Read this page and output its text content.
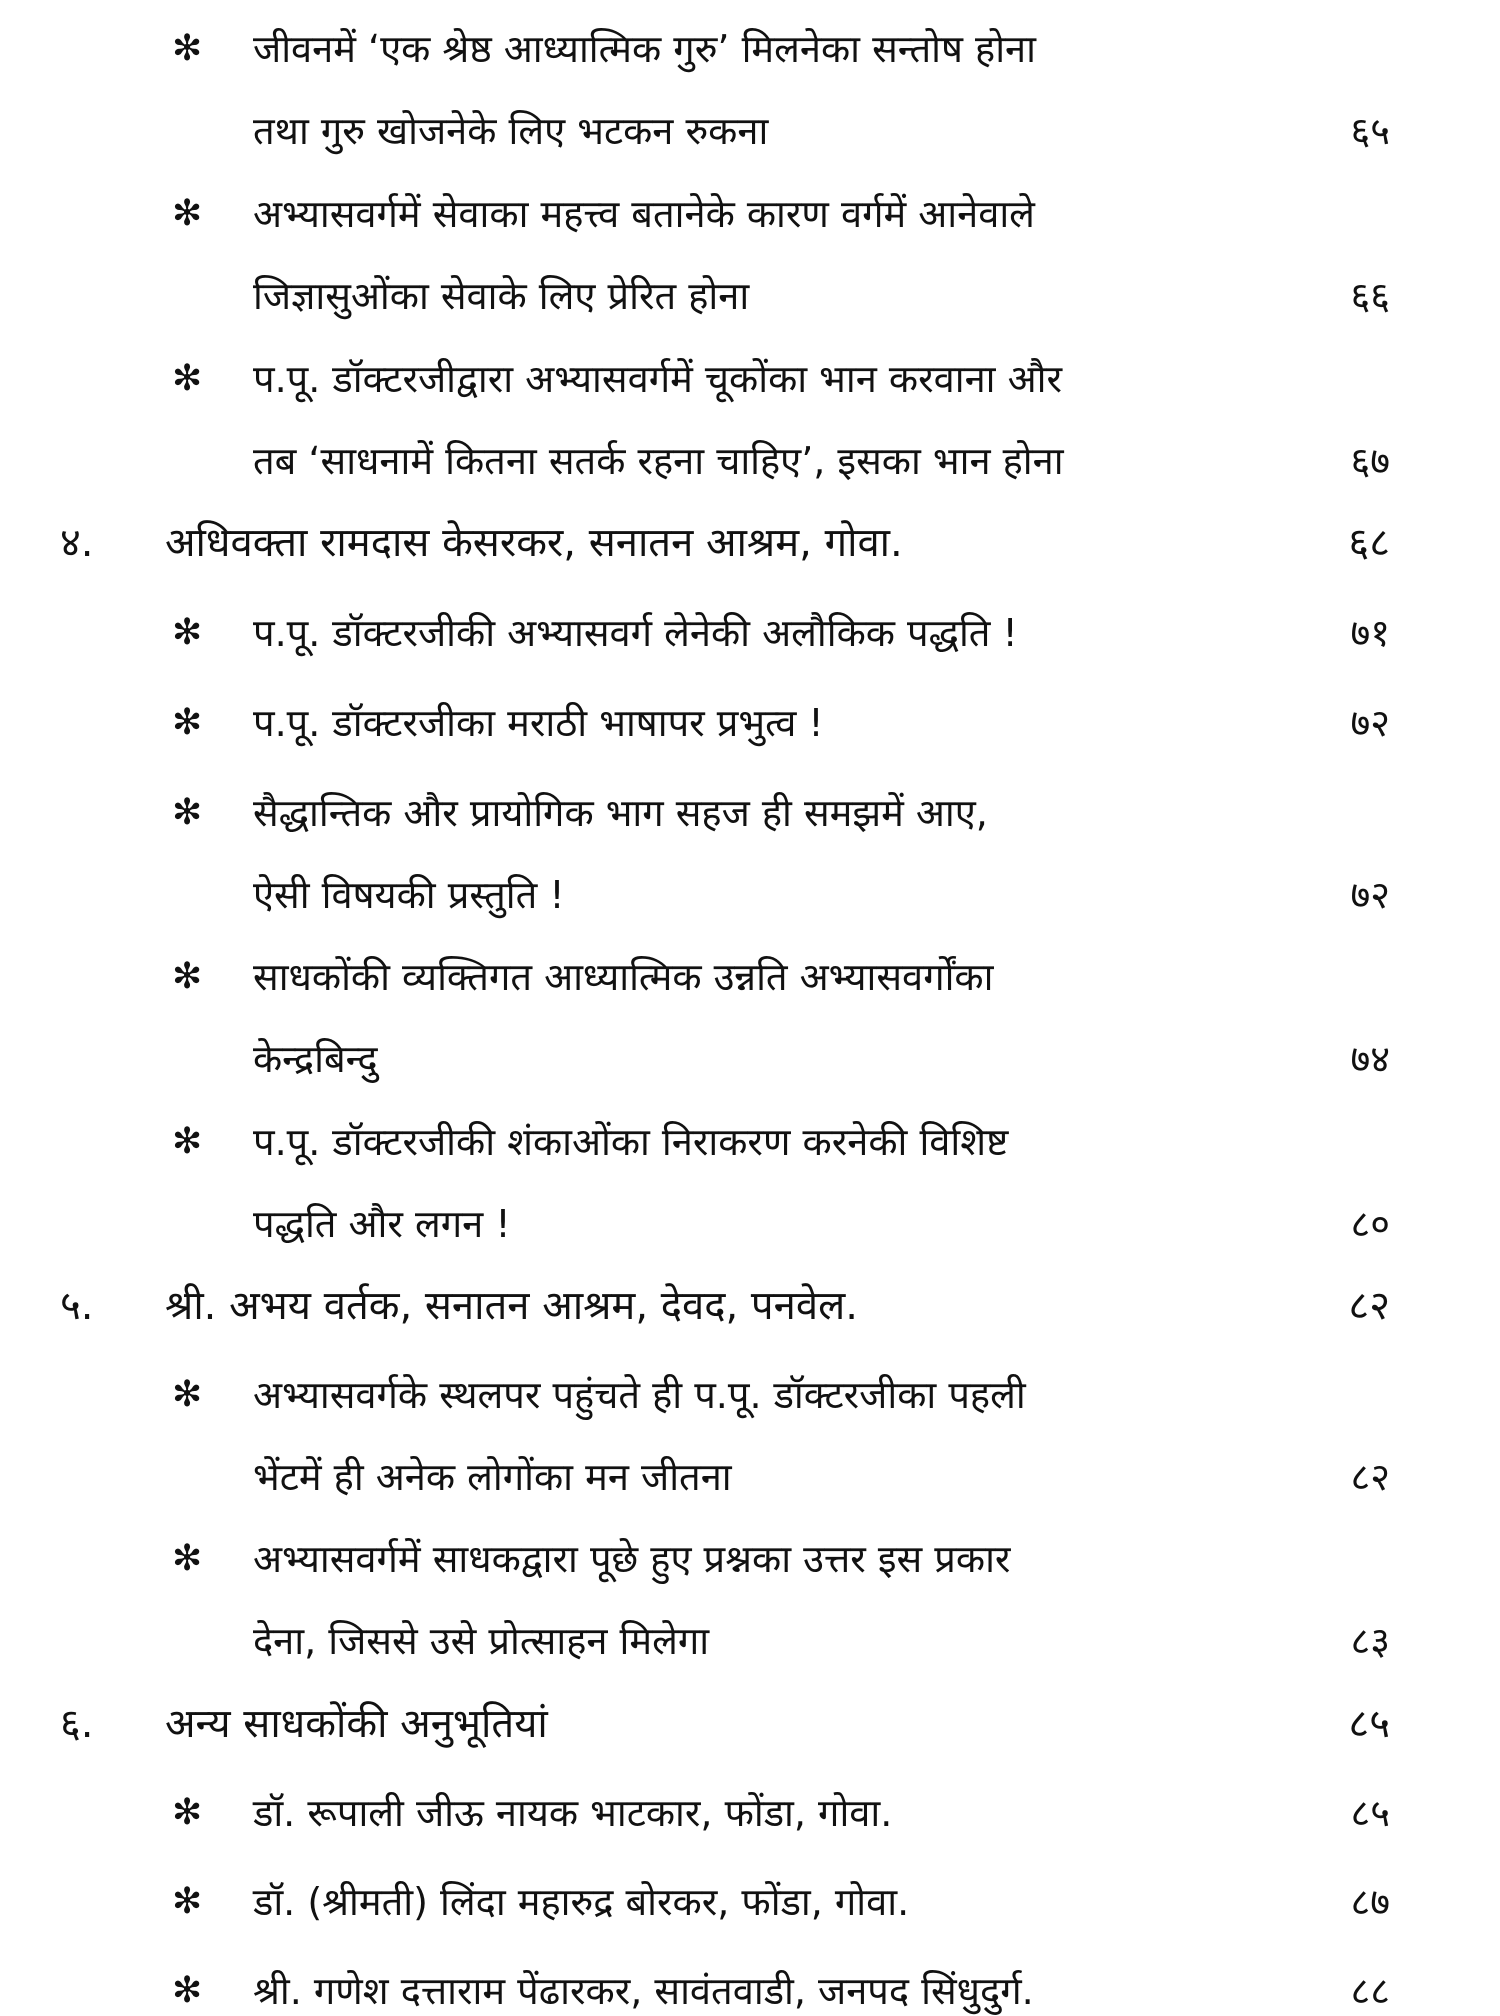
✻ जीवनमें ‘एक श्रेष्ठ आध्यात्मिक गुरु’ मिलनेका सन्तोष होना
तथा गुरु खोजनेके लिए भटकन रुकना	६५
✻ अभ्यासवर्गमें सेवाका महत्त्व बतानेके कारण वर्गमें आनेवाले
जिज्ञासुओंका सेवाके लिए प्रेरित होना	६६
✻ प.पू. डॉक्टरजीद्वारा अभ्यासवर्गमें चूकोंका भान करवाना और
तब ‘साधनामें कितना सतर्क रहना चाहिए’, इसका भान होना	६७
४. अधिवक्ता रामदास केसरकर, सनातन आश्रम, गोवा.	६८
✻ प.पू. डॉक्टरजीकी अभ्यासवर्ग लेनेकी अलौकिक पद्धति !	७१
✻ प.पू. डॉक्टरजीका मराठी भाषापर प्रभुत्व !	७२
✻ सैद्धान्तिक और प्रायोगिक भाग सहज ही समझमें आए,
ऐसी विषयकी प्रस्तुति !	७२
✻ साधकोंकी व्यक्तिगत आध्यात्मिक उन्नति अभ्यासवर्गोंका
केन्द्रबिन्दु	७४
✻ प.पू. डॉक्टरजीकी शंकाओंका निराकरण करनेकी विशिष्ट
पद्धति और लगन !	८०
५. श्री. अभय वर्तक, सनातन आश्रम, देवद, पनवेल.	८२
✻ अभ्यासवर्गके स्थलपर पहुंचते ही प.पू. डॉक्टरजीका पहली
भेंटमें ही अनेक लोगोंका मन जीतना	८२
✻ अभ्यासवर्गमें साधकद्वारा पूछे हुए प्रश्नका उत्तर इस प्रकार
देना, जिससे उसे प्रोत्साहन मिलेगा	८३
६. अन्य साधकोंकी अनुभूतियां	८५
✻ डॉ. रूपाली जीऊ नायक भाटकार, फोंडा, गोवा.	८५
✻ डॉ. (श्रीमती) लिंदा महारुद्र बोरकर, फोंडा, गोवा.	८७
✻ श्री. गणेश दत्ताराम पेंढारकर, सावंतवाडी, जनपद सिंधुदुर्ग.	८८
